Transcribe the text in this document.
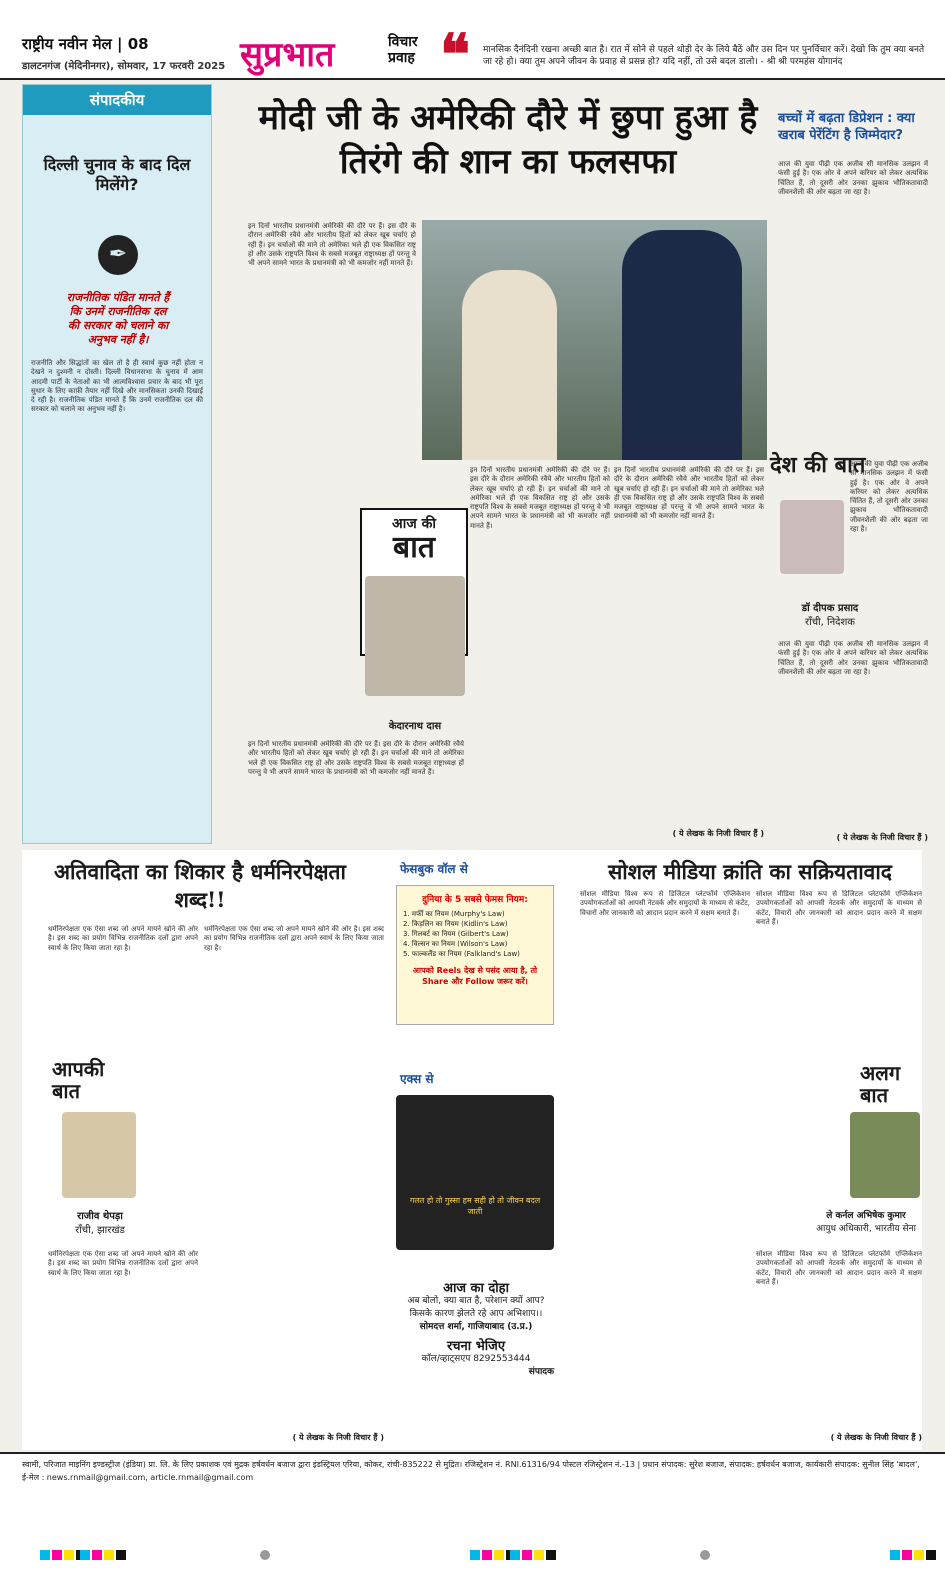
राष्ट्रीय नवीन मेल | 08
डालटनगंज (मेदिनीनगर), सोमवार, 17 फरवरी 2025 सुप्रभात	विचार प्रवाह ❝ मानसिक दैनंदिनी रखना अच्छी बात है। रात में सोने से पहले थोड़ी देर के लिये बैठें और उस दिन पर पुनर्विचार करें। देखो कि तुम क्या बनते जा रहे हो। क्या तुम अपने जीवन के प्रवाह से प्रसन्न हो? यदि नहीं, तो उसे बदल डालो। - श्री श्री परमहंस योगानंद
संपादकीय
दिल्ली चुनाव के बाद दिल मिलेंगे?
✒
राजनीतिक पंडित मानते हैं कि उनमें राजनीतिक दल की सरकार को चलाने का अनुभव नहीं है।
राजनीति और सिद्धांतों का खेल तो है ही स्वार्थ कुछ नहीं होता न देखने न दुश्मनी न दोस्ती। दिल्ली विधानसभा के चुनाव में आम आदमी पार्टी के नेताओं का भी आत्मविश्वास प्रचार के बाद भी पूरा सुधार के लिए काफ़ी तैयार नहीं दिखे और मानसिकता उनकी दिखाई दे रही है। राजनीतिक पंडित मानते हैं कि उनमें राजनीतिक दल की सरकार को चलाने का अनुभव नहीं है।
मोदी जी के अमेरिकी दौरे में छुपा हुआ है तिरंगे की शान का फलसफा
इन दिनों भारतीय प्रधानमंत्री अमेरिकी की दौरे पर हैं। इस दौरे के दौरान अमेरिकी रवैये और भारतीय हितों को लेकर खूब चर्चाएं हो रही हैं। इन चर्चाओं की माने तो अमेरिका भले ही एक विकसित राष्ट्र हो और उसके राष्ट्रपति विश्व के सबसे मजबूत राष्ट्राध्यक्ष हों परन्तु वे भी अपने सामने भारत के प्रधानमंत्री को भी कमजोर नहीं मानते हैं।
इन दिनों भारतीय प्रधानमंत्री अमेरिकी की दौरे पर हैं। इस दौरे के दौरान अमेरिकी रवैये और भारतीय हितों को लेकर खूब चर्चाएं हो रही हैं। इन चर्चाओं की माने तो अमेरिका भले ही एक विकसित राष्ट्र हो और उसके राष्ट्रपति विश्व के सबसे मजबूत राष्ट्राध्यक्ष हों परन्तु वे भी अपने सामने भारत के प्रधानमंत्री को भी कमजोर नहीं मानते हैं।
इन दिनों भारतीय प्रधानमंत्री अमेरिकी की दौरे पर हैं। इस दौरे के दौरान अमेरिकी रवैये और भारतीय हितों को लेकर खूब चर्चाएं हो रही हैं। इन चर्चाओं की माने तो अमेरिका भले ही एक विकसित राष्ट्र हो और उसके राष्ट्रपति विश्व के सबसे मजबूत राष्ट्राध्यक्ष हों परन्तु वे भी अपने सामने भारत के प्रधानमंत्री को भी कमजोर नहीं मानते हैं।
( ये लेखक के निजी विचार हैं )
आज की
बात
केदारनाथ दास
इन दिनों भारतीय प्रधानमंत्री अमेरिकी की दौरे पर हैं। इस दौरे के दौरान अमेरिकी रवैये और भारतीय हितों को लेकर खूब चर्चाएं हो रही हैं। इन चर्चाओं की माने तो अमेरिका भले ही एक विकसित राष्ट्र हो और उसके राष्ट्रपति विश्व के सबसे मजबूत राष्ट्राध्यक्ष हों परन्तु वे भी अपने सामने भारत के प्रधानमंत्री को भी कमजोर नहीं मानते हैं।
बच्चों में बढ़ता डिप्रेशन : क्या खराब पेरेंटिंग है जिम्मेदार?
आज की युवा पीढ़ी एक अजीब सी मानसिक उलझन में फंसी हुई है। एक ओर वे अपने करियर को लेकर अत्यधिक चिंतित हैं, तो दूसरी ओर उनका झुकाव भौतिकतावादी जीवनशैली की ओर बढ़ता जा रहा है।
देश की बात
डॉ दीपक प्रसाद
राँची, निदेशक
आज की युवा पीढ़ी एक अजीब सी मानसिक उलझन में फंसी हुई है। एक ओर वे अपने करियर को लेकर अत्यधिक चिंतित हैं, तो दूसरी ओर उनका झुकाव भौतिकतावादी जीवनशैली की ओर बढ़ता जा रहा है।
आज की युवा पीढ़ी एक अजीब सी मानसिक उलझन में फंसी हुई है। एक ओर वे अपने करियर को लेकर अत्यधिक चिंतित हैं, तो दूसरी ओर उनका झुकाव भौतिकतावादी जीवनशैली की ओर बढ़ता जा रहा है।
( ये लेखक के निजी विचार हैं )
अतिवादिता का शिकार है धर्मनिरपेक्षता शब्द!!
धर्मनिरपेक्षता एक ऐसा शब्द जो अपने मायने खोने की ओर है। इस शब्द का प्रयोग विभिन्न राजनीतिक दलों द्वारा अपने स्वार्थ के लिए किया जाता रहा है।
आपकी बात
राजीव थेपड़ा
राँची, झारखंड
धर्मनिरपेक्षता एक ऐसा शब्द जो अपने मायने खोने की ओर है। इस शब्द का प्रयोग विभिन्न राजनीतिक दलों द्वारा अपने स्वार्थ के लिए किया जाता रहा है।
धर्मनिरपेक्षता एक ऐसा शब्द जो अपने मायने खोने की ओर है। इस शब्द का प्रयोग विभिन्न राजनीतिक दलों द्वारा अपने स्वार्थ के लिए किया जाता रहा है।
( ये लेखक के निजी विचार हैं )
फेसबुक वॉल से
दुनिया के 5 सबसे फेमस नियम:
1. मर्फी का नियम (Murphy's Law)
2. किड़लिन का नियम (Kidlin's Law)
3. गिलबर्ट का नियम (Gilbert's Law)
4. विल्सन का नियम (Wilson's Law)
5. फाल्कलैंड का नियम (Falkland's Law)
आपको Reels देख से पसंद आया है, तो Share और Follow जरूर करें।
एक्स से
गलत हो तो गुस्सा हम सही हो तो जीवन बदल जाती
आज का दोहा
अब बोलो, क्या बात है, परेशान क्यों आप? किसके कारण झेलते रहे आप अभिशाप।।
सोमदत्त शर्मा, गाजियाबाद (उ.प्र.)
रचना भेजिए
कॉल/व्हाट्सएप 8292553444
संपादक
सोशल मीडिया क्रांति का सक्रियतावाद
सोशल मीडिया विश्व रूप से डिजिटल प्लेटफॉर्म एप्लिकेशन उपयोगकर्ताओं को आपसी नेटवर्क और समुदायों के माध्यम से कंटेंट, विचारों और जानकारी को आदान प्रदान करने में सक्षम बनाते हैं।
सोशल मीडिया विश्व रूप से डिजिटल प्लेटफॉर्म एप्लिकेशन उपयोगकर्ताओं को आपसी नेटवर्क और समुदायों के माध्यम से कंटेंट, विचारों और जानकारी को आदान प्रदान करने में सक्षम बनाते हैं।
अलग बात
ले कर्नल अभिषेक कुमार
आयुध अधिकारी, भारतीय सेना
सोशल मीडिया विश्व रूप से डिजिटल प्लेटफॉर्म एप्लिकेशन उपयोगकर्ताओं को आपसी नेटवर्क और समुदायों के माध्यम से कंटेंट, विचारों और जानकारी को आदान प्रदान करने में सक्षम बनाते हैं।
( ये लेखक के निजी विचार हैं )
स्वामी, परिजात माइनिंग इण्डस्ट्रीज (इंडिया) प्रा. लि. के लिए प्रकाशक एवं मुद्रक हर्षवर्धन बजाज द्वारा इंडस्ट्रियल एरिया, कोकर, रांची-835222 से मुद्रित। रजिस्ट्रेशन नं. RNI.61316/94 पोस्टल रजिस्ट्रेशन नं.-13 | प्रधान संपादक: सुरेश बजाज, संपादक: हर्षवर्धन बजाज, कार्यकारी संपादक: सुनील सिंह 'बादल', ई-मेल : news.rnmail@gmail.com, article.rnmail@gmail.com
